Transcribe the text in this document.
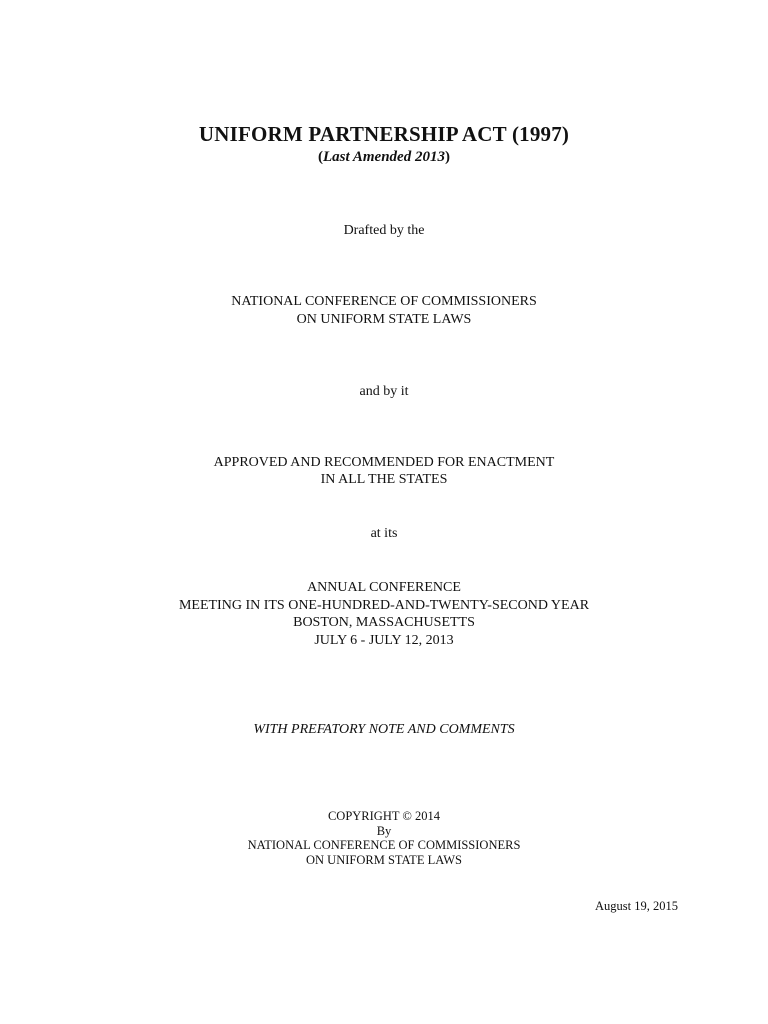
UNIFORM PARTNERSHIP ACT (1997)
(Last Amended 2013)
Drafted by the
NATIONAL CONFERENCE OF COMMISSIONERS
ON UNIFORM STATE LAWS
and by it
APPROVED AND RECOMMENDED FOR ENACTMENT
IN ALL THE STATES
at its
ANNUAL CONFERENCE
MEETING IN ITS ONE-HUNDRED-AND-TWENTY-SECOND YEAR
BOSTON, MASSACHUSETTS
JULY 6 - JULY 12, 2013
WITH PREFATORY NOTE AND COMMENTS
COPYRIGHT © 2014
By
NATIONAL CONFERENCE OF COMMISSIONERS
ON UNIFORM STATE LAWS
August 19, 2015
